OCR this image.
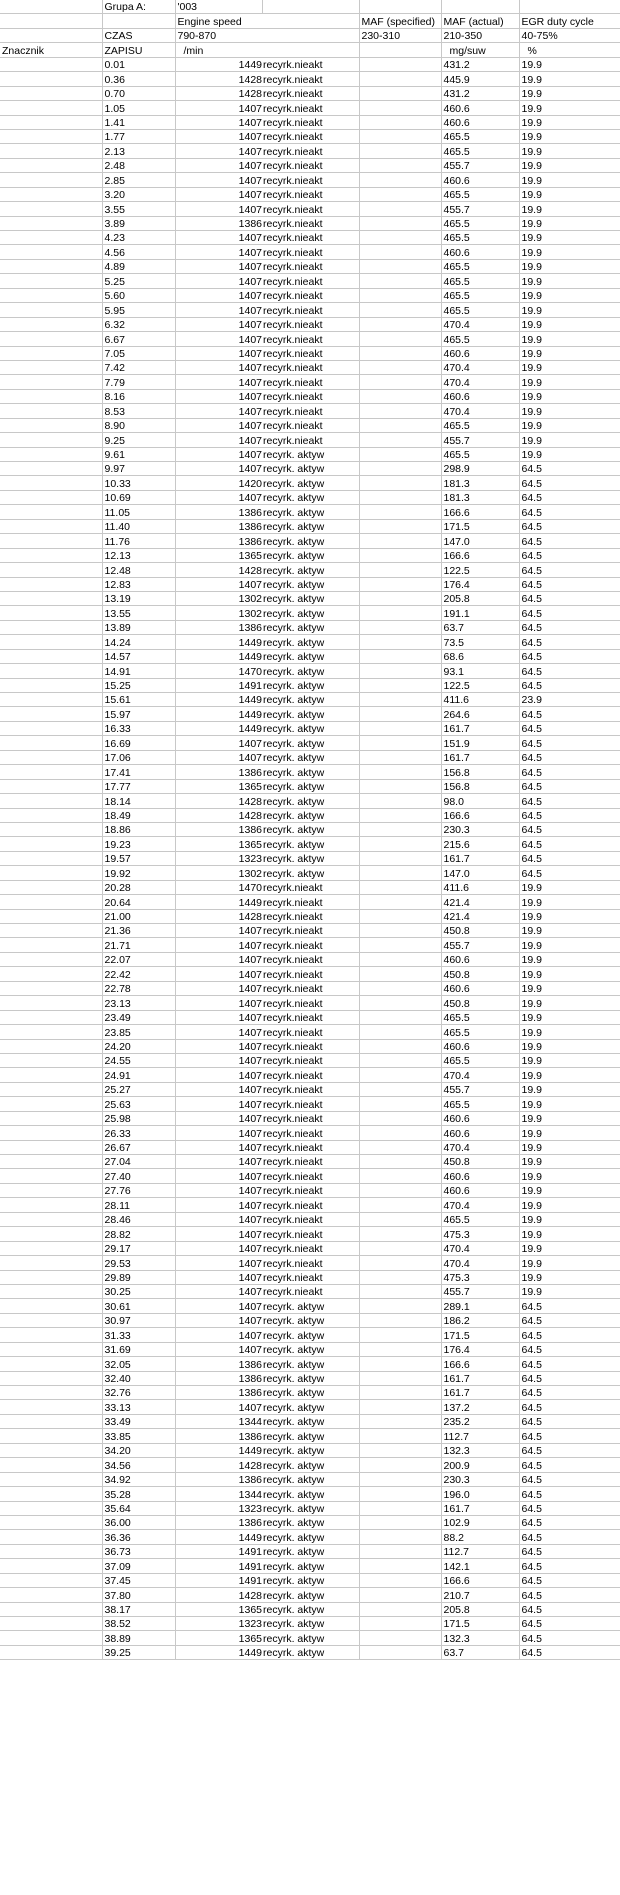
	Grupa A:	'003				
		Engine speed		MAF (specified)	MAF (actual)	EGR duty cycle
	CZAS	790-870		230-310	210-350	40-75%
Znacznik	ZAPISU	/min			mg/suw	%
	0.01	1449	recyrk.nieakt		431.2	19.9
	0.36	1428	recyrk.nieakt		445.9	19.9
	0.70	1428	recyrk.nieakt		431.2	19.9
	1.05	1407	recyrk.nieakt		460.6	19.9
	1.41	1407	recyrk.nieakt		460.6	19.9
	1.77	1407	recyrk.nieakt		465.5	19.9
	2.13	1407	recyrk.nieakt		465.5	19.9
	2.48	1407	recyrk.nieakt		455.7	19.9
	2.85	1407	recyrk.nieakt		460.6	19.9
	3.20	1407	recyrk.nieakt		465.5	19.9
	3.55	1407	recyrk.nieakt		455.7	19.9
	3.89	1386	recyrk.nieakt		465.5	19.9
	4.23	1407	recyrk.nieakt		465.5	19.9
	4.56	1407	recyrk.nieakt		460.6	19.9
	4.89	1407	recyrk.nieakt		465.5	19.9
	5.25	1407	recyrk.nieakt		465.5	19.9
	5.60	1407	recyrk.nieakt		465.5	19.9
	5.95	1407	recyrk.nieakt		465.5	19.9
	6.32	1407	recyrk.nieakt		470.4	19.9
	6.67	1407	recyrk.nieakt		465.5	19.9
	7.05	1407	recyrk.nieakt		460.6	19.9
	7.42	1407	recyrk.nieakt		470.4	19.9
	7.79	1407	recyrk.nieakt		470.4	19.9
	8.16	1407	recyrk.nieakt		460.6	19.9
	8.53	1407	recyrk.nieakt		470.4	19.9
	8.90	1407	recyrk.nieakt		465.5	19.9
	9.25	1407	recyrk.nieakt		455.7	19.9
	9.61	1407	recyrk. aktyw		465.5	19.9
	9.97	1407	recyrk. aktyw		298.9	64.5
	10.33	1420	recyrk. aktyw		181.3	64.5
	10.69	1407	recyrk. aktyw		181.3	64.5
	11.05	1386	recyrk. aktyw		166.6	64.5
	11.40	1386	recyrk. aktyw		171.5	64.5
	11.76	1386	recyrk. aktyw		147.0	64.5
	12.13	1365	recyrk. aktyw		166.6	64.5
	12.48	1428	recyrk. aktyw		122.5	64.5
	12.83	1407	recyrk. aktyw		176.4	64.5
	13.19	1302	recyrk. aktyw		205.8	64.5
	13.55	1302	recyrk. aktyw		191.1	64.5
	13.89	1386	recyrk. aktyw		63.7	64.5
	14.24	1449	recyrk. aktyw		73.5	64.5
	14.57	1449	recyrk. aktyw		68.6	64.5
	14.91	1470	recyrk. aktyw		93.1	64.5
	15.25	1491	recyrk. aktyw		122.5	64.5
	15.61	1449	recyrk. aktyw		411.6	23.9
	15.97	1449	recyrk. aktyw		264.6	64.5
	16.33	1449	recyrk. aktyw		161.7	64.5
	16.69	1407	recyrk. aktyw		151.9	64.5
	17.06	1407	recyrk. aktyw		161.7	64.5
	17.41	1386	recyrk. aktyw		156.8	64.5
	17.77	1365	recyrk. aktyw		156.8	64.5
	18.14	1428	recyrk. aktyw		98.0	64.5
	18.49	1428	recyrk. aktyw		166.6	64.5
	18.86	1386	recyrk. aktyw		230.3	64.5
	19.23	1365	recyrk. aktyw		215.6	64.5
	19.57	1323	recyrk. aktyw		161.7	64.5
	19.92	1302	recyrk. aktyw		147.0	64.5
	20.28	1470	recyrk.nieakt		411.6	19.9
	20.64	1449	recyrk.nieakt		421.4	19.9
	21.00	1428	recyrk.nieakt		421.4	19.9
	21.36	1407	recyrk.nieakt		450.8	19.9
	21.71	1407	recyrk.nieakt		455.7	19.9
	22.07	1407	recyrk.nieakt		460.6	19.9
	22.42	1407	recyrk.nieakt		450.8	19.9
	22.78	1407	recyrk.nieakt		460.6	19.9
	23.13	1407	recyrk.nieakt		450.8	19.9
	23.49	1407	recyrk.nieakt		465.5	19.9
	23.85	1407	recyrk.nieakt		465.5	19.9
	24.20	1407	recyrk.nieakt		460.6	19.9
	24.55	1407	recyrk.nieakt		465.5	19.9
	24.91	1407	recyrk.nieakt		470.4	19.9
	25.27	1407	recyrk.nieakt		455.7	19.9
	25.63	1407	recyrk.nieakt		465.5	19.9
	25.98	1407	recyrk.nieakt		460.6	19.9
	26.33	1407	recyrk.nieakt		460.6	19.9
	26.67	1407	recyrk.nieakt		470.4	19.9
	27.04	1407	recyrk.nieakt		450.8	19.9
	27.40	1407	recyrk.nieakt		460.6	19.9
	27.76	1407	recyrk.nieakt		460.6	19.9
	28.11	1407	recyrk.nieakt		470.4	19.9
	28.46	1407	recyrk.nieakt		465.5	19.9
	28.82	1407	recyrk.nieakt		475.3	19.9
	29.17	1407	recyrk.nieakt		470.4	19.9
	29.53	1407	recyrk.nieakt		470.4	19.9
	29.89	1407	recyrk.nieakt		475.3	19.9
	30.25	1407	recyrk.nieakt		455.7	19.9
	30.61	1407	recyrk. aktyw		289.1	64.5
	30.97	1407	recyrk. aktyw		186.2	64.5
	31.33	1407	recyrk. aktyw		171.5	64.5
	31.69	1407	recyrk. aktyw		176.4	64.5
	32.05	1386	recyrk. aktyw		166.6	64.5
	32.40	1386	recyrk. aktyw		161.7	64.5
	32.76	1386	recyrk. aktyw		161.7	64.5
	33.13	1407	recyrk. aktyw		137.2	64.5
	33.49	1344	recyrk. aktyw		235.2	64.5
	33.85	1386	recyrk. aktyw		112.7	64.5
	34.20	1449	recyrk. aktyw		132.3	64.5
	34.56	1428	recyrk. aktyw		200.9	64.5
	34.92	1386	recyrk. aktyw		230.3	64.5
	35.28	1344	recyrk. aktyw		196.0	64.5
	35.64	1323	recyrk. aktyw		161.7	64.5
	36.00	1386	recyrk. aktyw		102.9	64.5
	36.36	1449	recyrk. aktyw		88.2	64.5
	36.73	1491	recyrk. aktyw		112.7	64.5
	37.09	1491	recyrk. aktyw		142.1	64.5
	37.45	1491	recyrk. aktyw		166.6	64.5
	37.80	1428	recyrk. aktyw		210.7	64.5
	38.17	1365	recyrk. aktyw		205.8	64.5
	38.52	1323	recyrk. aktyw		171.5	64.5
	38.89	1365	recyrk. aktyw		132.3	64.5
	39.25	1449	recyrk. aktyw		63.7	64.5
